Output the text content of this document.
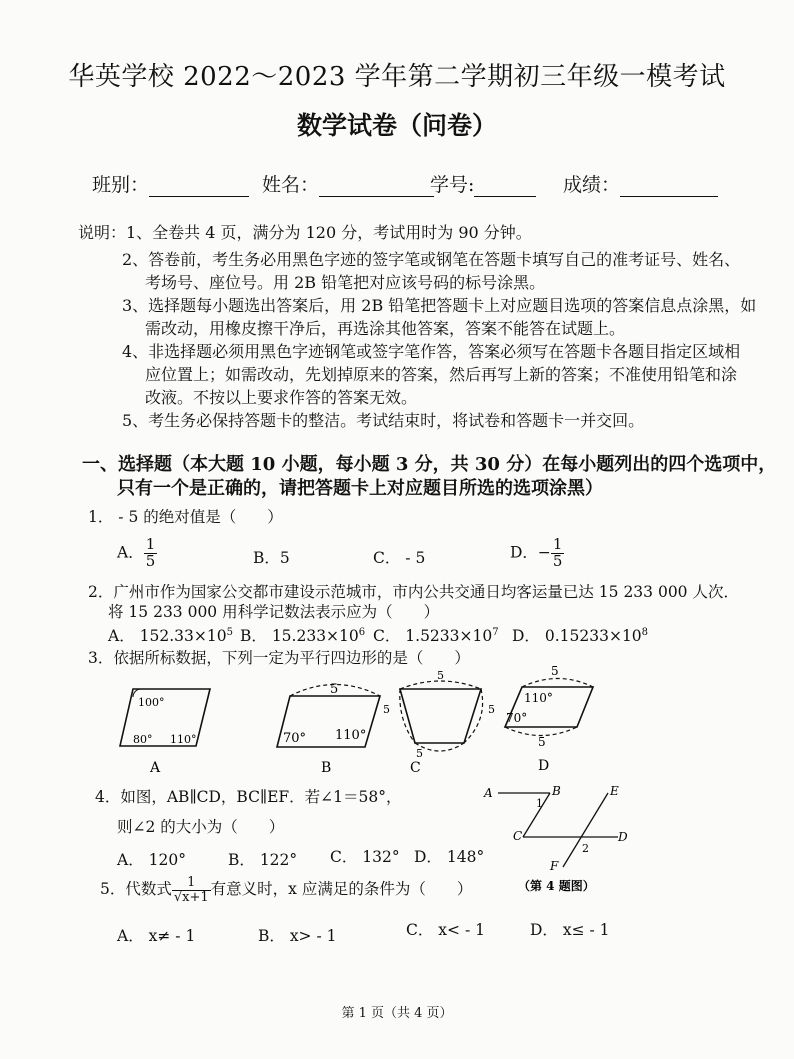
华英学校 2022～2023 学年第二学期初三年级一模考试
数学试卷（问卷）
班别：	姓名：	学号:	成绩：
说明：1、全卷共 4 页，满分为 120 分，考试用时为 90 分钟。
2、答卷前，考生务必用黑色字迹的签字笔或钢笔在答题卡填写自己的准考证号、姓名、
考场号、座位号。用 2B 铅笔把对应该号码的标号涂黑。
3、选择题每小题选出答案后，用 2B 铅笔把答题卡上对应题目选项的答案信息点涂黑，如
需改动，用橡皮擦干净后，再选涂其他答案，答案不能答在试题上。
4、非选择题必须用黑色字迹钢笔或签字笔作答，答案必须写在答题卡各题目指定区域相
应位置上；如需改动，先划掉原来的答案，然后再写上新的答案；不准使用铅笔和涂
改液。不按以上要求作答的答案无效。
5、考生务必保持答题卡的整洁。考试结束时，将试卷和答题卡一并交回。
一、选择题（本大题 10 小题，每小题 3 分，共 30 分）在每小题列出的四个选项中，
只有一个是正确的，请把答题卡上对应题目所选的选项涂黑）
1． - 5 的绝对值是（　　）
A． $\frac{1}{5}$	B．5	C． - 5	D．− $\frac{1}{5}$
2．广州市作为国家公交都市建设示范城市，市内公共交通日均客运量已达 15 233 000 人次．
将 15 233 000 用科学记数法表示应为（　　）
A． $152.33\times 10^5$ B． $15.233\times 10^6$ C． $1.5233\times 10^7$ D． $0.15233\times 10^8$
3．依据所标数据，下列一定为平行四边形的是（　　）
100°
80° 110°
A
5
70° 110°
B
5
5	5
5
C
5
5
110°
70°
D
4．如图，AB∥CD，BC∥EF．若∠1＝58°，
则∠2 的大小为（　　）
A． 120°	B． 122° C． 132° D． 148°
A	B
C	D
E
F
1
2
（第 4 题图）
5．代数式 $\frac{1}{√x+1}$ 有意义时，x 应满足的条件为（　　）
A． x≠ - 1	B． x> - 1	C． x< - 1	D． x≤ - 1
第 1 页（共 4 页）
